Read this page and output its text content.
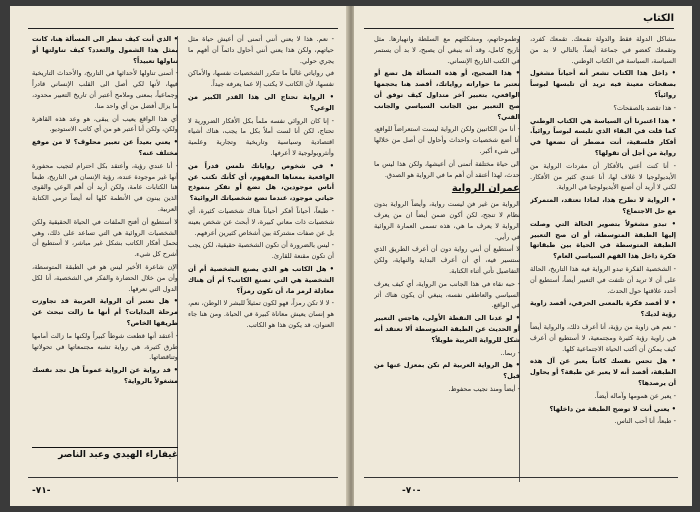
- نعم. هذا لا يعني أنني أتمنى أن أعيش حياة مثل حياتهم، ولكن هذا يعني أنني أحاول دائماً أن أفهم ما يجري حولي.

في رواياتي غالباً ما تتكرر الشخصيات نفسها، والأماكن نفسها، لأن الكاتب لا يكتب إلا عما يعرفه جيداً.

• الرواية تحتاج الى هذا القدر الكبير من الوعي؟

- إنا كان الروائي نفسه ملماً بكل الأفكار الضرورية لا تحتاج، لكن أنا لست أملاً بكل ما يجب، هناك أشياء اقتصادية وسياسية وتاريخية وتجارية وعلمية وأنثروبولوجية لا أعرفها.

• في شخوص رواياتك تلمس قدراً من الواقعية بمعناها المفهوم، أي كأنك تكتب عن أناس موجودين، هل تضع أو تفكر بنموذج حياتي موجود، عندما تضع شخصياتك الروائية؟

- طبعاً، أحياناً أفكر أحياناً هناك شخصيات كثيرة، أي شخصيات ذات معاني كبيرة، لا أبحث عن شخص بعينه بل عن صفات مشتركة بين أشخاص كثيرين أعرفهم.

- ليس بالضرورة أن تكون الشخصية حقيقية، لكن يجب أن تكون مقنعة للقارئ.

• هل الكاتب هو الذي يصنع الشخصية أم أن الشخصية هي التي تصنع الكاتب؟ أم أن هناك معادلة لرمز ما، أن تكون رمزاً؟

- لا لا تكن رمزاً، فهو لكون تمثيلاً للبشر لا الوطن، نعم، هو إنسان يعيش معاناة كبيرة في الحياة. ومن هنا جاء العنوان، قد يكون هذا هو الكاتب.

• الذي أنت كيف تنظر الى المسألة هنا، كانت بمثل هذا الشمول والتعدد؟ كيف تناولتها أو تناولها تعبيداً؟

- أتمنى تناولها لأحداثها في التاريخ، والأحداث التاريخية فيها، لأنها لكي أصل الى القلب الإنساني قادراً وجماعياً، بمعنى وملامح أعتبر أن تاريخ التعبير محدود، ما يزال أفضل من أي واحد منا.

أي هذا الواقع يعيب أن يبقى، هو وعد هذه القاهرة ولكن، ولكن أنا أعتبر هو من أي كاتب الاستوديو.

• يعني بعيداً عن تعبير محلوف؟ لا من موقع مختلف عنه؟

- أنا عندي رؤية، وأعتقد بكل احترام لتجيب محفورة أنها غير موجودة عنده، رؤية الإنسان في التاريخ، طبعاً هنا الكتابات عامة، ولكن أريد أن أهم الوعي والقوى الذين يبنون في الأنظمة كلها أنه أيضاً ترمي الكتابة العربية.

لا أستطيع أن أفتح الملفات في الحياة الحقيقية ولكن الشخصيات الروائية هي التي تساعد على ذلك، وهي تحمل أفكار الكاتب بشكل غير مباشر، لا أستطيع أن أشرح كل شيء.

الإن شاعرة الأخير ليس هو في الطبقة المتوسطة، وأن من خلال الحضارة والفكر في الشخصية، أنا لكل الدول التي نعرفها.

• هل تعتبر أن الرواية العربية قد تجاوزت مرحلة البدايات؟ أم أنها ما زالت تبحث عن طريقها الخاص؟

- أعتقد أنها قطعت شوطاً كبيراً ولكنها ما زالت أمامها طرق كثيرة، هي رواية تشبه مجتمعاتها في تحولاتها وتناقضاتها.

• قد رواية عن الرواية عموماً هل تجد نفسك مشغولاً بالرواية؟

غيفاراء الهيدي وعبد الناصر
-٧١-
الكتاب

مشاكل الدولة فقط والدولة تقمعك. تقمعك كفرد، وتقمعك كعضو في جماعة أيضاً، بالتالي لا بد من السياسة، السياسة في الكتاب الوطني.

• داخل هذا الكتاب تشعر أنه أحياناً مشغول بصفحات معينة فيه تريد أن تلبسها لبوساً روائياً؟

- هذا تقصد بالصفحات؟

• هذا اعتبرنا أن السياسة هي الكتاب الوطني كما قلت في البقاء الذي تلبسه لبوساً روائياً. أفكار فلسفية، أنت مضطر أن تضعها في رواية من أجل أن تقولها؟

- أنا كنت أعني بالأفكار أن مفردات الرواية من الأيديولوجيا لا غلاف لها، أنا عندي كثير من الأفكار. لكني لا أريد أن أصنع الأيديولوجيا في الرواية.

• الرواية لا تطرح هذا، لماذا تعتقد، المتمركز مع حل الاجتماع؟

• تبدو مشغولاً بتصوير الحالة التي وصلت إليها الطبقة المتوسطة، أو ان صح التعبير الطبقة المتوسطة في الحياة بين طبقاتها فكرة داخل هذا الفهم السياسي العام؟

- الشخصية الفكرة تبدو الرواية فيه هذا التاريخ، الحالة على أن لا تريد أن تلتفت في التعبير أيضاً، أستطيع أن أحدد علاقتها حول الحدث.

• لا أقصد فكرة بالمعنى الحرفي، أقصد زاوية رؤية لديك؟

- نعم هي زاوية من رؤية، أنا أعرف ذلك، والرواية أيضاً هي زاوية رؤية كثيرة ومجتمعية، لا أستطيع أن أعرف كيف يمكن أن أكتب الحياة الاجتماعية كلها.

• هل تحس نفسك كاتباً يعبر عن آل هذه الطبقة، أقصد أنه لا يعبر عن طبقة؟ أو يحاول أن يرصدها؟

- يعبر عن همومها وآماله أيضاً.

• يعني أنت لا توضح الطبقة من داخلها؟

- طبعاً، أنا أحب الناس.

وطموحاتهم، ومشكلتهم مع السلطة وانهيارها. مثل تاريخ كامل، وقد أنه ينبغي أن يصبح، لا بد أن يستمر في الكتب التاريخ الإنساني.

• هذا الصحيح، أو هذه المسألة هل تضع أو تعتبر ما حواراته رواياتك، أقصد هنا بحجمها الواقعي، بتعبير آخر متداول كيف توفق أن صح التعبير بين الجانب السياسي والجانب الفني؟

- أنا من الكاتبين ولكن الرواية ليست استعراضاً للواقع، أنا أضع شخصيات واحداث وأحاول أن أصل من خلالها الى شيء أكبر.

الى حياة مختلفة أتمنى أن أعيشها، ولكن هذا ليس ما حدث، لهذا أعتقد أن أهم ما في الرواية هو الصدق.

عمران الرواية

الرواية من غير فن ليست رواية، وأيضاً الرواية بدون نظام لا تنجح، لكن أكون ضمن أيضاً ان من يعرف الرواية لا يعرف ما هي، هذه تسمى العمارة الروائية في رأيي.

لا أستطيع أن أبني رواية دون أن أعرف الطريق الذي ستسير فيه، أي أن أعرف البداية والنهاية، ولكن التفاصيل تأتي أثناء الكتابة.

- حبه نقاء في هذا الجانب من الرواية، أي كيف يعرف السياسي والعاطفي نفسه، ينبغي أن يكون هناك أثر في الواقع.

• لو عدنا الى النقطة الأولى، هاجس التعبير أو الحديث عن الطبقة المتوسطة ألا تعتقد أنه شكل للرواية العربية طويلاً؟

- ربما..

• هل الرواية العربية لم تكن بمعزل عنها من قبل؟

- أيضاً ومنذ نجيب محفوظ.

-٧٠-
